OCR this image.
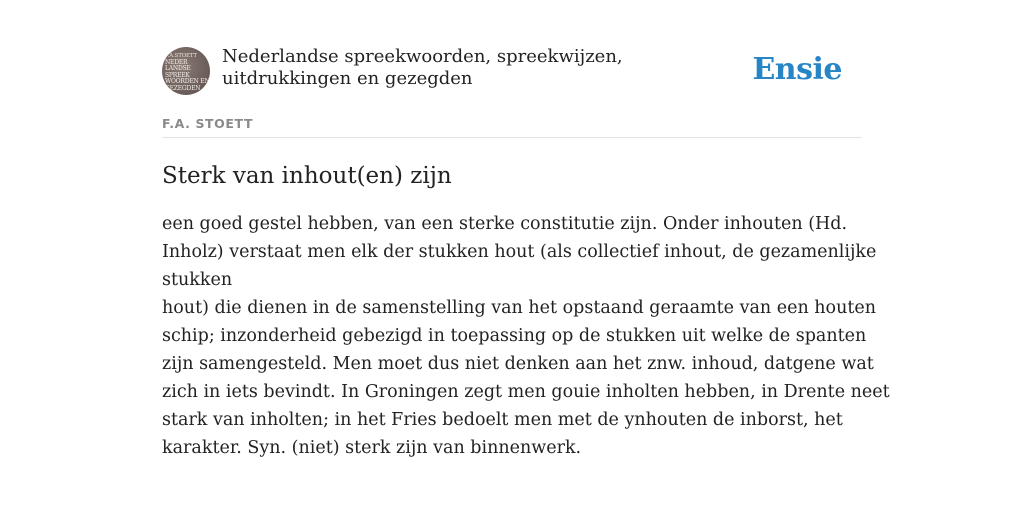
F.A.STOETT
NEDER
LANDSE
SPREEK
WOORDEN EN
GEZEGDEN
Nederlandse spreekwoorden, spreekwijzen, uitdrukkingen en gezegden	Ensie
F.A. STOETT
Sterk van inhout(en) zijn
een goed gestel hebben, van een sterke constitutie zijn. Onder inhouten (Hd.
Inholz) verstaat men elk der stukken hout (als collectief inhout, de gezamenlijke
stukken
hout) die dienen in de samenstelling van het opstaand geraamte van een houten
schip; inzonderheid gebezigd in toepassing op de stukken uit welke de spanten
zijn samengesteld. Men moet dus niet denken aan het znw. inhoud, datgene wat
zich in iets bevindt. In Groningen zegt men gouie inholten hebben, in Drente neet
stark van inholten; in het Fries bedoelt men met de ynhouten de inborst, het
karakter. Syn. (niet) sterk zijn van binnenwerk.
